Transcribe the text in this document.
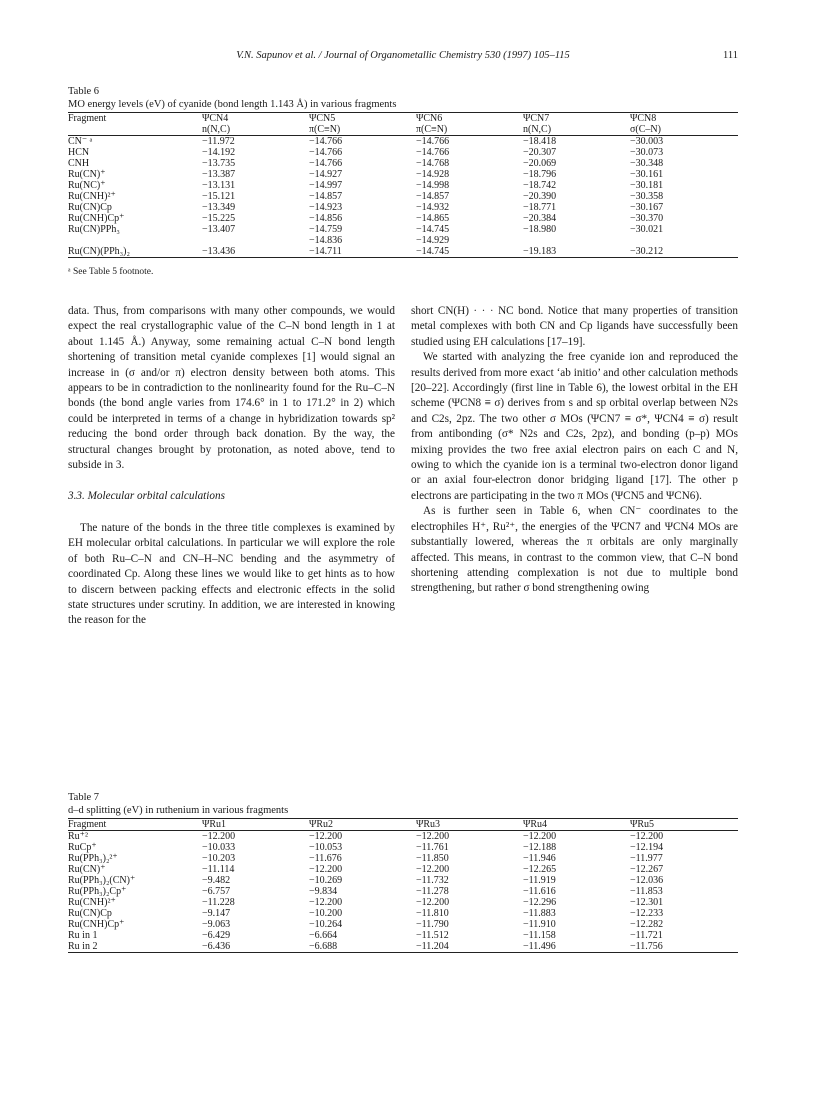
V.N. Sapunov et al. / Journal of Organometallic Chemistry 530 (1997) 105–115	111
Table 6
MO energy levels (eV) of cyanide (bond length 1.143 Å) in various fragments
Fragment	ΨCN4	ΨCN5	ΨCN6	ΨCN7	ΨCN8
	n(N,C)	π(C≡N)	π(C≡N)	n(N,C)	σ(C–N)
CN⁻ ᵃ	−11.972	−14.766	−14.766	−18.418	−30.003
HCN	−14.192	−14.766	−14.766	−20.307	−30.073
CNH	−13.735	−14.766	−14.768	−20.069	−30.348
Ru(CN)⁺	−13.387	−14.927	−14.928	−18.796	−30.161
Ru(NC)⁺	−13.131	−14.997	−14.998	−18.742	−30.181
Ru(CNH)²⁺	−15.121	−14.857	−14.857	−20.390	−30.358
Ru(CN)Cp	−13.349	−14.923	−14.932	−18.771	−30.167
Ru(CNH)Cp⁺	−15.225	−14.856	−14.865	−20.384	−30.370
Ru(CN)PPh₃	−13.407	−14.759	−14.745	−18.980	−30.021
		−14.836	−14.929		
Ru(CN)(PPh₃)₂	−13.436	−14.711	−14.745	−19.183	−30.212
ᵃ See Table 5 footnote.

data. Thus, from comparisons with many other compounds, we would expect the real crystallographic value of the C–N bond length in 1 at about 1.145 Å.) Anyway, some remaining actual C–N bond length shortening of transition metal cyanide complexes [1] would signal an increase in (σ and/or π) electron density between both atoms. This appears to be in contradiction to the nonlinearity found for the Ru–C–N bonds (the bond angle varies from 174.6° in 1 to 171.2° in 2) which could be interpreted in terms of a change in hybridization towards sp² reducing the bond order through back donation. By the way, the structural changes brought by protonation, as noted above, tend to subside in 3.

3.3. Molecular orbital calculations

The nature of the bonds in the three title complexes is examined by EH molecular orbital calculations. In particular we will explore the role of both Ru–C–N and CN–H–NC bending and the asymmetry of coordinated Cp. Along these lines we would like to get hints as to how to discern between packing effects and electronic effects in the solid state structures under scrutiny. In addition, we are interested in knowing the reason for the

short CN(H) · · · NC bond. Notice that many properties of transition metal complexes with both CN and Cp ligands have successfully been studied using EH calculations [17–19].

We started with analyzing the free cyanide ion and reproduced the results derived from more exact ‘ab initio’ and other calculation methods [20–22]. Accordingly (first line in Table 6), the lowest orbital in the EH scheme (ΨCN8 ≡ σ) derives from s and sp orbital overlap between N2s and C2s, 2pz. The two other σ MOs (ΨCN7 ≡ σ*, ΨCN4 ≡ σ) result from antibonding (σ* N2s and C2s, 2pz), and bonding (p–p) MOs mixing provides the two free axial electron pairs on each C and N, owing to which the cyanide ion is a terminal two-electron donor ligand or an axial four-electron donor bridging ligand [17]. The other p electrons are participating in the two π MOs (ΨCN5 and ΨCN6).

As is further seen in Table 6, when CN⁻ coordinates to the electrophiles H⁺, Ru²⁺, the energies of the ΨCN7 and ΨCN4 MOs are substantially lowered, whereas the π orbitals are only marginally affected. This means, in contrast to the common view, that C–N bond shortening attending complexation is not due to multiple bond strengthening, but rather σ bond strengthening owing

Table 7
d–d splitting (eV) in ruthenium in various fragments
Fragment	ΨRu1	ΨRu2	ΨRu3	ΨRu4	ΨRu5
Ru⁺²	−12.200	−12.200	−12.200	−12.200	−12.200
RuCp⁺	−10.033	−10.053	−11.761	−12.188	−12.194
Ru(PPh₃)₂²⁺	−10.203	−11.676	−11.850	−11.946	−11.977
Ru(CN)⁺	−11.114	−12.200	−12.200	−12.265	−12.267
Ru(PPh₃)₂(CN)⁺	−9.482	−10.269	−11.732	−11.919	−12.036
Ru(PPh₃)₂Cp⁺	−6.757	−9.834	−11.278	−11.616	−11.853
Ru(CNH)²⁺	−11.228	−12.200	−12.200	−12.296	−12.301
Ru(CN)Cp	−9.147	−10.200	−11.810	−11.883	−12.233
Ru(CNH)Cp⁺	−9.063	−10.264	−11.790	−11.910	−12.282
Ru in 1	−6.429	−6.664	−11.512	−11.158	−11.721
Ru in 2	−6.436	−6.688	−11.204	−11.496	−11.756
